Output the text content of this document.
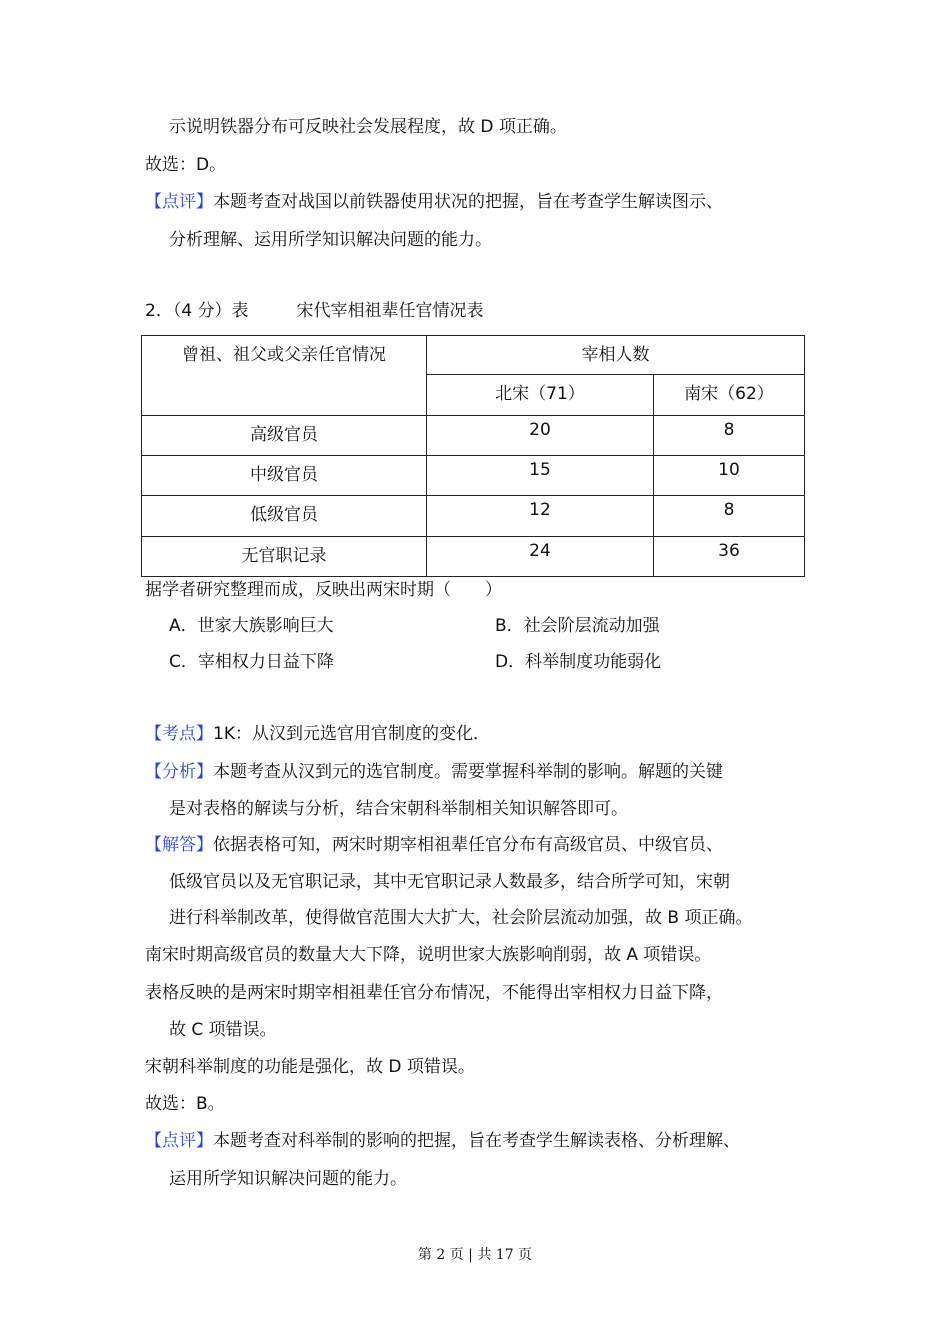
示说明铁器分布可反映社会发展程度，故 D 项正确。
故选：D。
【点评】本题考查对战国以前铁器使用状况的把握，旨在考查学生解读图示、
分析理解、运用所学知识解决问题的能力。
2．（4 分）表	宋代宰相祖辈任官情况表
曾祖、祖父或父亲任官情况	宰相人数	
	北宋（71）	南宋（62）
高级官员	20	8
中级官员	15	10
低级官员	12	8
无官职记录	24	36
据学者研究整理而成，反映出两宋时期（　　）
A．世家大族影响巨大	B．社会阶层流动加强
C．宰相权力日益下降	D．科举制度功能弱化
【考点】1K：从汉到元选官用官制度的变化．
【分析】本题考查从汉到元的选官制度。需要掌握科举制的影响。解题的关键
是对表格的解读与分析，结合宋朝科举制相关知识解答即可。
【解答】依据表格可知，两宋时期宰相祖辈任官分布有高级官员、中级官员、
低级官员以及无官职记录，其中无官职记录人数最多，结合所学可知，宋朝
进行科举制改革，使得做官范围大大扩大，社会阶层流动加强，故 B 项正确。
南宋时期高级官员的数量大大下降，说明世家大族影响削弱，故 A 项错误。
表格反映的是两宋时期宰相祖辈任官分布情况，不能得出宰相权力日益下降，
故 C 项错误。
宋朝科举制度的功能是强化，故 D 项错误。
故选：B。
【点评】本题考查对科举制的影响的把握，旨在考查学生解读表格、分析理解、
运用所学知识解决问题的能力。
第 2 页 | 共 17 页
